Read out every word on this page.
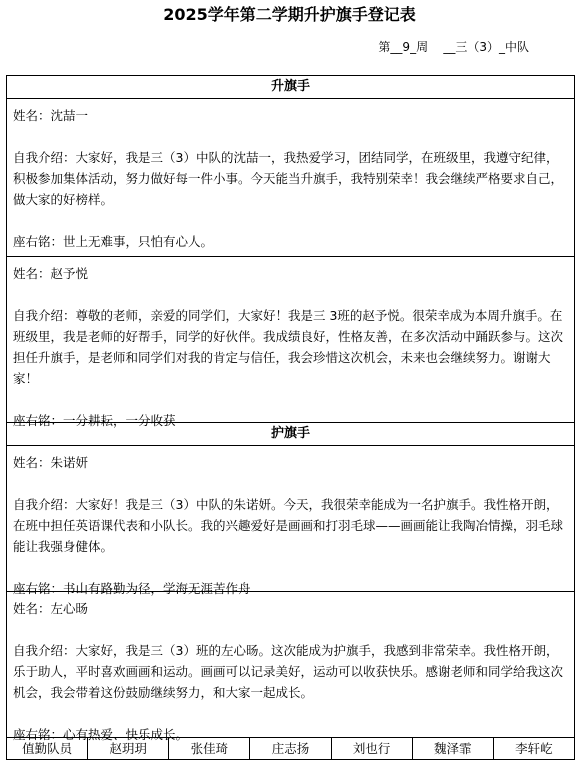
2025学年第二学期升护旗手登记表
第__9_周    __三（3）_中队
升旗手

姓名：沈喆一

自我介绍：大家好，我是三（3）中队的沈喆一，我热爱学习，团结同学，在班级里，我遵守纪律，积极参加集体活动，努力做好每一件小事。今天能当升旗手，我特别荣幸！我会继续严格要求自己，做大家的好榜样。

座右铭：世上无难事，只怕有心人。

姓名：赵予悦

自我介绍：尊敬的老师，亲爱的同学们，大家好！我是三 3班的赵予悦。很荣幸成为本周升旗手。在班级里，我是老师的好帮手，同学的好伙伴。我成绩良好，性格友善，在多次活动中踊跃参与。这次担任升旗手，是老师和同学们对我的肯定与信任，我会珍惜这次机会，未来也会继续努力。谢谢大家！

座右铭：一分耕耘，一分收获

护旗手

姓名：朱诺妍

自我介绍：大家好！我是三（3）中队的朱诺妍。今天，我很荣幸能成为一名护旗手。我性格开朗，在班中担任英语课代表和小队长。我的兴趣爱好是画画和打羽毛球——画画能让我陶冶情操，羽毛球能让我强身健体。

座右铭：书山有路勤为径，学海无涯苦作舟

姓名：左心旸

自我介绍：大家好，我是三（3）班的左心旸。这次能成为护旗手，我感到非常荣幸。我性格开朗，乐于助人，平时喜欢画画和运动。画画可以记录美好，运动可以收获快乐。感谢老师和同学给我这次机会，我会带着这份鼓励继续努力，和大家一起成长。

座右铭：心有热爱、快乐成长。

值勤队员	赵玥玥	张佳琦	庄志扬	刘也行	魏泽霏	李轩屹
